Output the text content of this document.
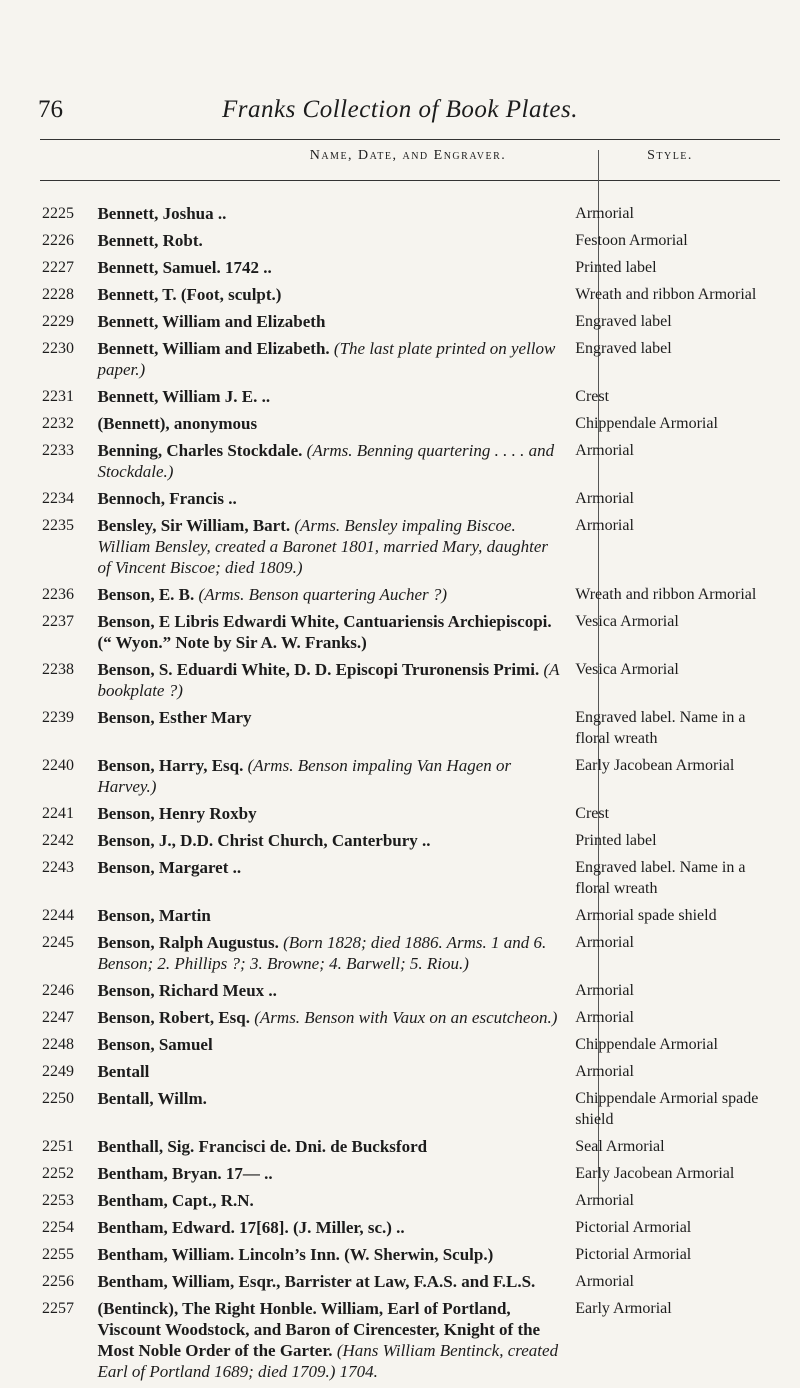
76	Franks Collection of Book Plates.
Name, Date, and Engraver.
2225	Bennett, Joshua ..	Armorial
2226	Bennett, Robt.	Festoon Armorial
2227	Bennett, Samuel. 1742 ..	Printed label
2228	Bennett, T. (Foot, sculpt.)	Wreath and ribbon Armorial
2229	Bennett, William and Elizabeth	Engraved label
2230	Bennett, William and Elizabeth. (The last plate printed on yellow paper.)	Engraved label
2231	Bennett, William J. E. ..	Crest
2232	(Bennett), anonymous	Chippendale Armorial
2233	Benning, Charles Stockdale. (Arms. Benning quartering . . . . and Stockdale.)	Armorial
2234	Bennoch, Francis ..	Armorial
2235	Bensley, Sir William, Bart. (Arms. Bensley impaling Biscoe. William Bensley, created a Baronet 1801, married Mary, daughter of Vincent Biscoe; died 1809.)	Armorial
2236	Benson, E. B. (Arms. Benson quartering Aucher ?)	Wreath and ribbon Armorial
2237	Benson, E Libris Edwardi White, Cantuariensis Archiepiscopi. (“ Wyon.” Note by Sir A. W. Franks.)	Vesica Armorial
2238	Benson, S. Eduardi White, D. D. Episcopi Truronensis Primi. (A bookplate ?)	Vesica Armorial
2239	Benson, Esther Mary	Engraved label. Name in a floral wreath
2240	Benson, Harry, Esq. (Arms. Benson impaling Van Hagen or Harvey.)	Early Jacobean Armorial
2241	Benson, Henry Roxby	Crest
2242	Benson, J., D.D. Christ Church, Canterbury ..	Printed label
2243	Benson, Margaret ..	Engraved label. Name in a floral wreath
2244	Benson, Martin	Armorial spade shield
2245	Benson, Ralph Augustus. (Born 1828; died 1886. Arms. 1 and 6. Benson; 2. Phillips ?; 3. Browne; 4. Barwell; 5. Riou.)	Armorial
2246	Benson, Richard Meux ..	Armorial
2247	Benson, Robert, Esq. (Arms. Benson with Vaux on an escutcheon.)	Armorial
2248	Benson, Samuel	Chippendale Armorial
2249	Bentall	Armorial
2250	Bentall, Willm.	Chippendale Armorial spade shield
2251	Benthall, Sig. Francisci de. Dni. de Bucksford	Seal Armorial
2252	Bentham, Bryan. 17— ..	Early Jacobean Armorial
2253	Bentham, Capt., R.N.	Armorial
2254	Bentham, Edward. 17[68]. (J. Miller, sc.) ..	Pictorial Armorial
2255	Bentham, William. Lincoln’s Inn. (W. Sherwin, Sculp.)	Pictorial Armorial
2256	Bentham, William, Esqr., Barrister at Law, F.A.S. and F.L.S.	Armorial
2257	(Bentinck), The Right Honble. William, Earl of Portland, Viscount Woodstock, and Baron of Cirencester, Knight of the Most Noble Order of the Garter. (Hans William Bentinck, created Earl of Portland 1689; died 1709.) 1704.	Early Armorial
Style.
